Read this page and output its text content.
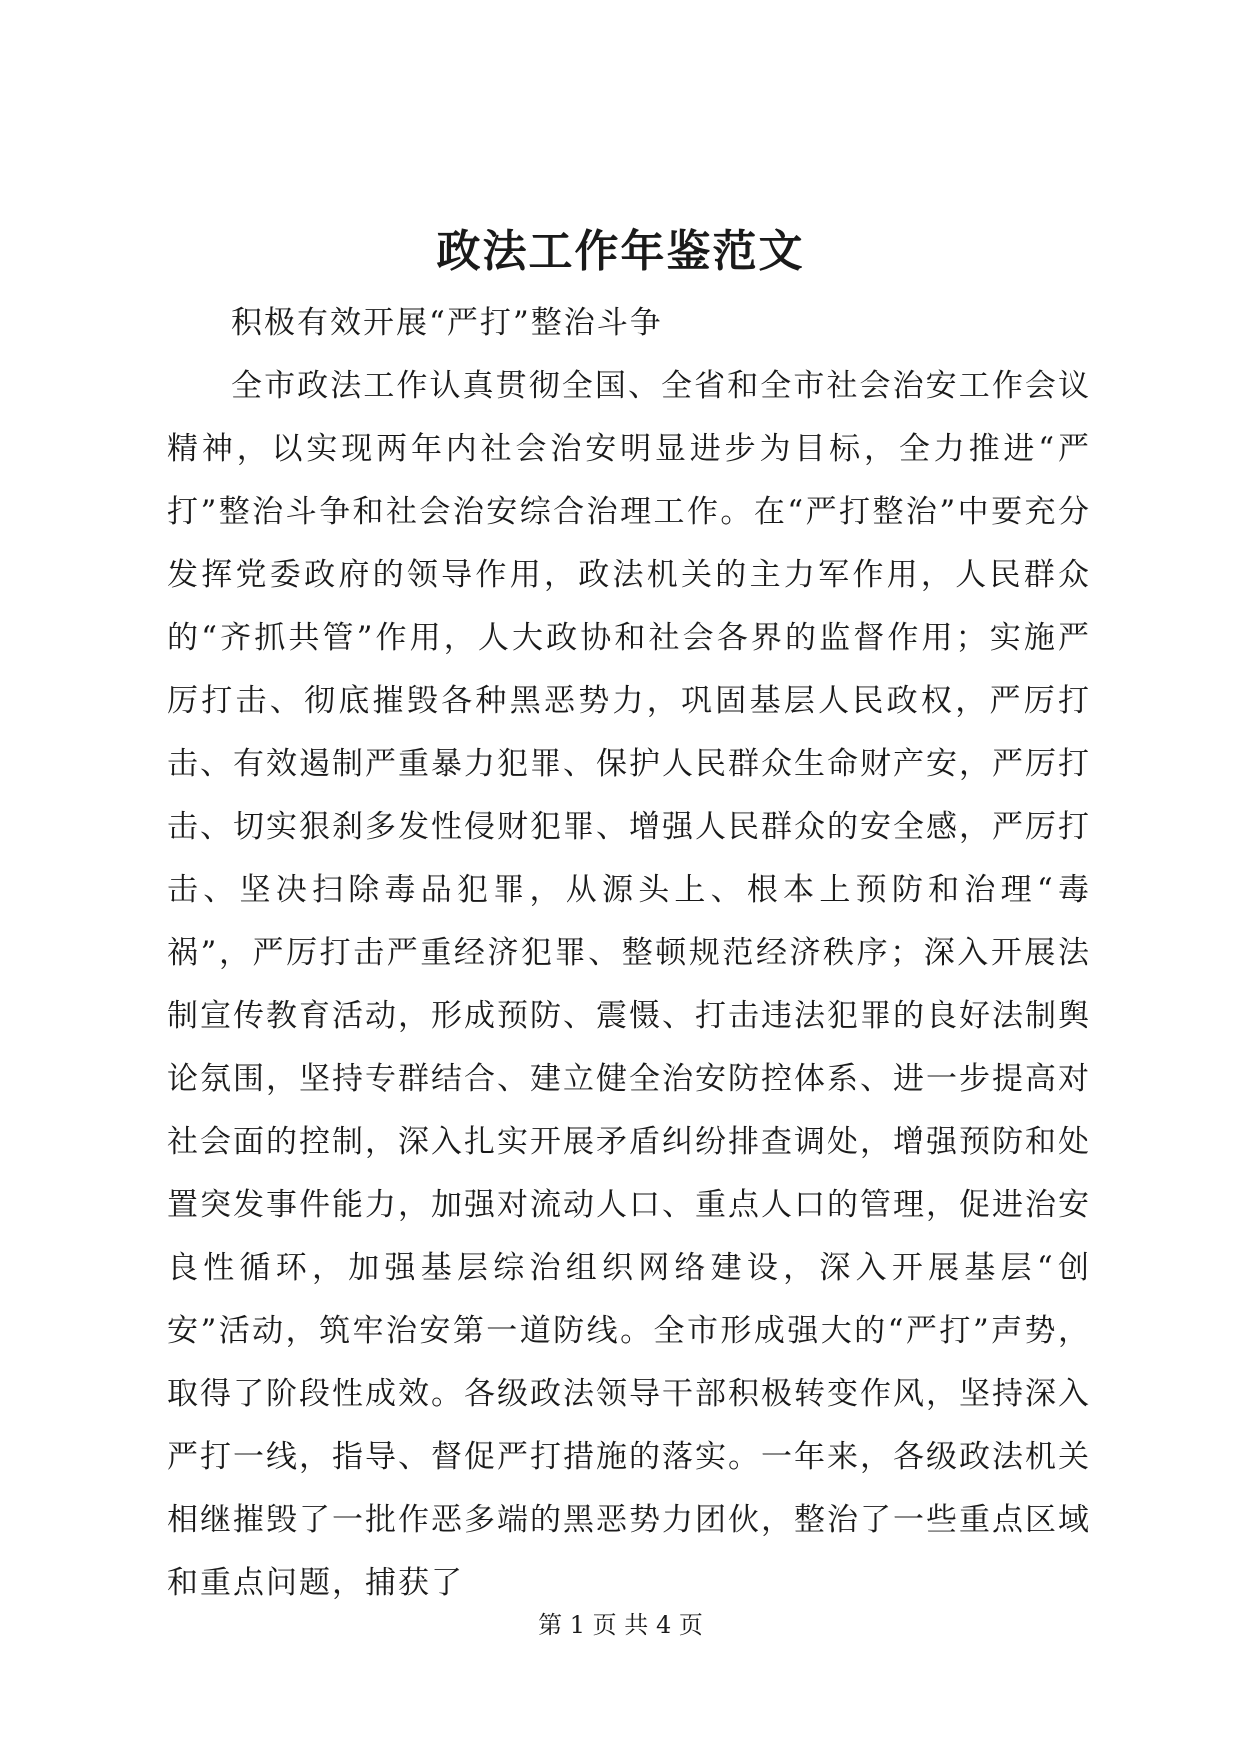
政法工作年鉴范文

积极有效开展“严打”整治斗争

全市政法工作认真贯彻全国、全省和全市社会治安工作会议精神，以实现两年内社会治安明显进步为目标，全力推进“严打”整治斗争和社会治安综合治理工作。在“严打整治”中要充分发挥党委政府的领导作用，政法机关的主力军作用，人民群众的“齐抓共管”作用，人大政协和社会各界的监督作用；实施严厉打击、彻底摧毁各种黑恶势力，巩固基层人民政权，严厉打击、有效遏制严重暴力犯罪、保护人民群众生命财产安，严厉打击、切实狠刹多发性侵财犯罪、增强人民群众的安全感，严厉打击、坚决扫除毒品犯罪，从源头上、根本上预防和治理“毒祸”，严厉打击严重经济犯罪、整顿规范经济秩序；深入开展法制宣传教育活动，形成预防、震慑、打击违法犯罪的良好法制舆论氛围，坚持专群结合、建立健全治安防控体系、进一步提高对社会面的控制，深入扎实开展矛盾纠纷排查调处，增强预防和处置突发事件能力，加强对流动人口、重点人口的管理，促进治安良性循环，加强基层综治组织网络建设，深入开展基层“创安”活动，筑牢治安第一道防线。全市形成强大的“严打”声势，取得了阶段性成效。各级政法领导干部积极转变作风，坚持深入严打一线，指导、督促严打措施的落实。一年来，各级政法机关相继摧毁了一批作恶多端的黑恶势力团伙，整治了一些重点区域和重点问题，捕获了

第 1 页 共 4 页
